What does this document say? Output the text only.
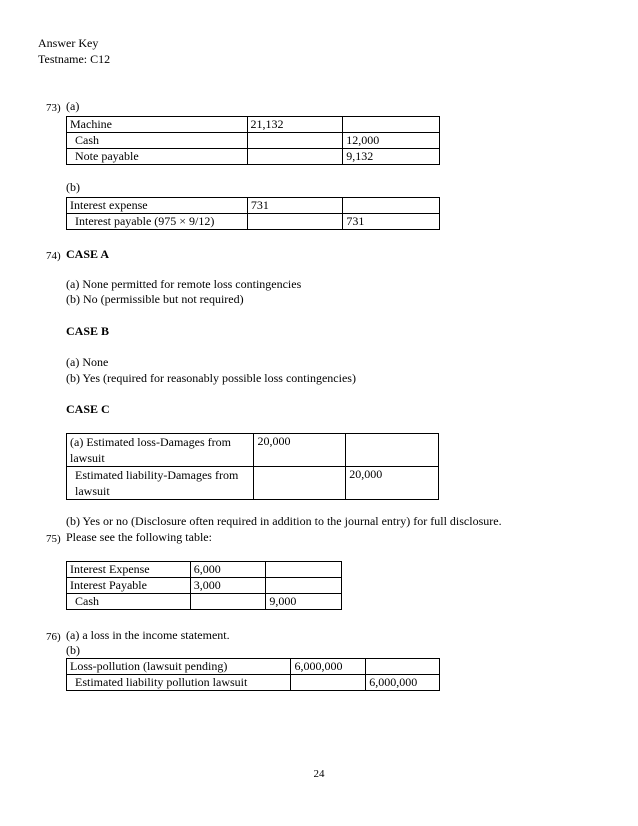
Answer Key
Testname: C12
73) (a)
Machine	21,132	
Cash		12,000
Note payable		9,132
(b)
Interest expense	731	
Interest payable (975 × 9/12)		731
74) CASE A
(a) None permitted for remote loss contingencies
(b) No (permissible but not required)
CASE B
(a) None
(b) Yes (required for reasonably possible loss contingencies)
CASE C
(a) Estimated loss-Damages from lawsuit	20,000	
Estimated liability-Damages from lawsuit		20,000
(b) Yes or no (Disclosure often required in addition to the journal entry) for full disclosure.
75) Please see the following table:
Interest Expense	6,000	
Interest Payable	3,000	
Cash		9,000
76) (a) a loss in the income statement.
(b)
Loss-pollution (lawsuit pending)	6,000,000	
Estimated liability pollution lawsuit		6,000,000
24
